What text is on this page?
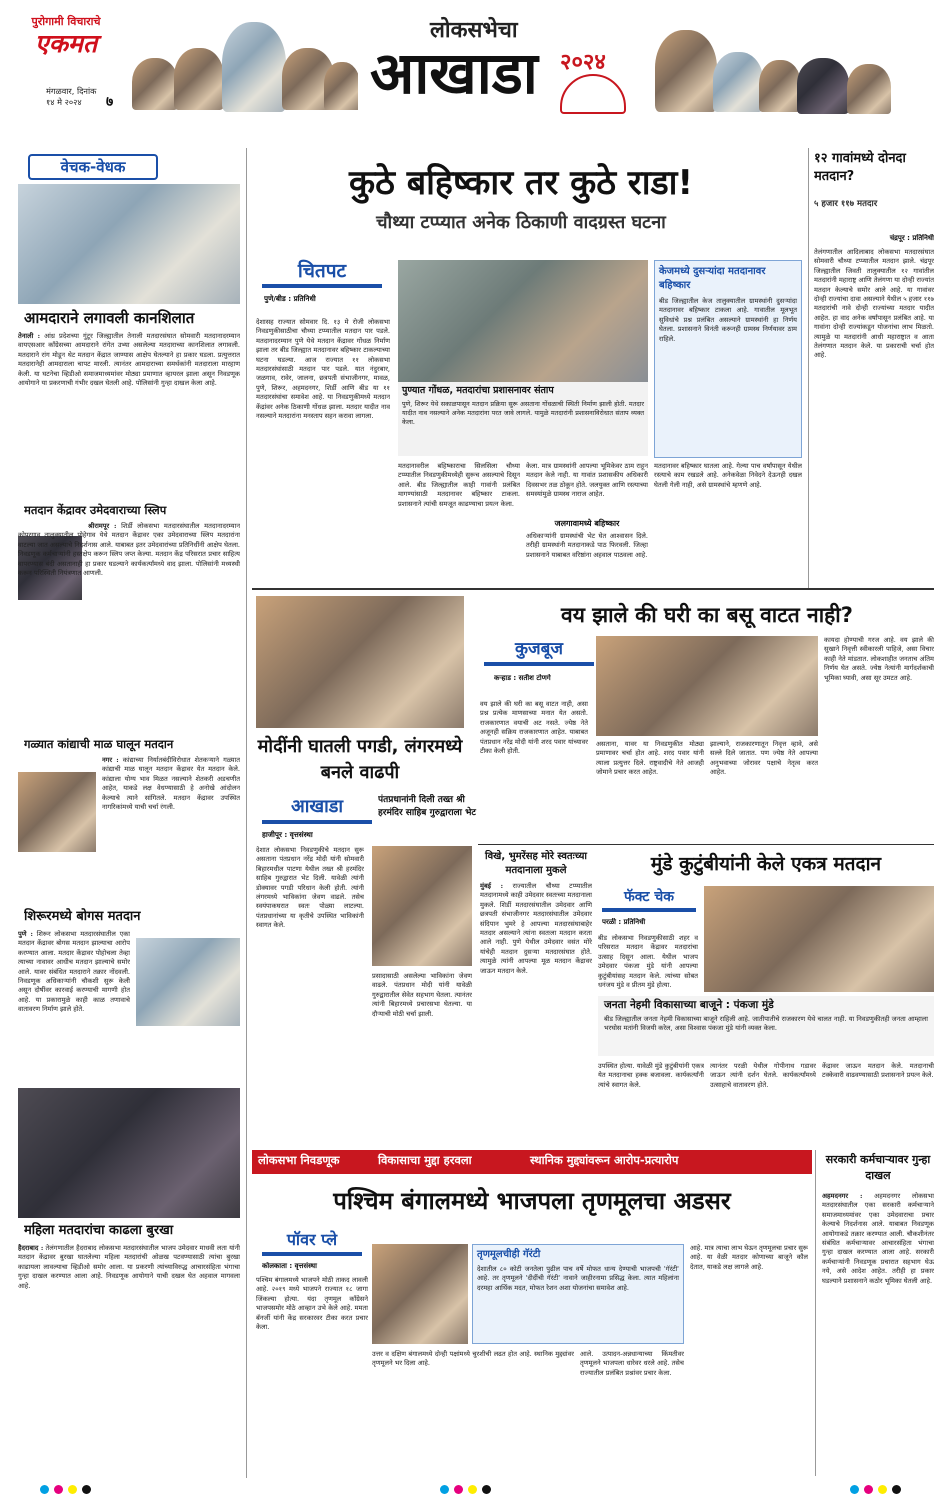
पुरोगामी विचाराचे
एकमत
मंगळवार, दिनांक १४ मे २०२४	७
लोकसभेचा
आखाडा २०२४
वेचक-वेधक
आमदाराने लगावली कानशिलात
तेनाली : आंध्र प्रदेशच्या गुंटूर जिल्ह्यातील तेनाली मतदारसंघात सोमवारी मतदानादरम्यान वायएसआर काँग्रेसच्या आमदाराने रांगेत उभ्या असलेल्या मतदाराच्या कानशिलात लगावली. मतदाराने रांग मोडून थेट मतदान केंद्रात जाण्यास आक्षेप घेतल्याने हा प्रकार घडला. प्रत्युत्तरात मतदारानेही आमदाराला चापट मारली. त्यानंतर आमदाराच्या समर्थकांनी मतदाराला मारहाण केली. या घटनेचा व्हिडीओ समाजमाध्यमांवर मोठ्या प्रमाणात व्हायरल झाला असून निवडणूक आयोगाने या प्रकरणाची गंभीर दखल घेतली आहे. पोलिसांनी गुन्हा दाखल केला आहे.
मतदान केंद्रावर उमेदवाराच्या स्लिप
श्रीरामपूर : शिर्डी लोकसभा मतदारसंघातील मतदानादरम्यान कोपरगाव तालुक्यातील पोहेगाव येथे मतदान केंद्रावर एका उमेदवाराच्या स्लिप मतदारांना वाटल्या जात असल्याचे निदर्शनास आले. याबाबत इतर उमेदवारांच्या प्रतिनिधींनी आक्षेप घेतला. निवडणूक कर्मचाऱ्यांनी हस्तक्षेप करून स्लिप जप्त केल्या. मतदान केंद्र परिसरात प्रचार साहित्य वापरण्यास बंदी असतानाही हा प्रकार घडल्याने कार्यकर्त्यांमध्ये वाद झाला. पोलिसांनी मध्यस्थी करून परिस्थिती नियंत्रणात आणली.
गळ्यात कांद्याची माळ घालून मतदान
नगर : कांद्याच्या निर्यातबंदीविरोधात शेतकऱ्याने गळ्यात कांद्याची माळ घालून मतदान केंद्रावर येत मतदान केले. कांद्याला योग्य भाव मिळत नसल्याने शेतकरी अडचणीत आहेत, याकडे लक्ष वेधण्यासाठी हे अनोखे आंदोलन केल्याचे त्याने सांगितले. मतदान केंद्रावर उपस्थित नागरिकांमध्ये याची चर्चा रंगली.
शिरूरमध्ये बोगस मतदान
पुणे : शिरूर लोकसभा मतदारसंघातील एका मतदान केंद्रावर बोगस मतदान झाल्याचा आरोप करण्यात आला. मतदार केंद्रावर पोहोचला तेव्हा त्याच्या नावावर आधीच मतदान झाल्याचे समोर आले. यावर संबंधित मतदाराने तक्रार नोंदवली. निवडणूक अधिकाऱ्यांनी चौकशी सुरू केली असून दोषींवर कारवाई करण्याची मागणी होत आहे. या प्रकारामुळे काही काळ तणावाचे वातावरण निर्माण झाले होते.
महिला मतदारांचा काढला बुरखा
हैदराबाद : तेलंगणातील हैदराबाद लोकसभा मतदारसंघातील भाजप उमेदवार माधवी लता यांनी मतदान केंद्रावर बुरखा घातलेल्या महिला मतदारांची ओळख पटवण्यासाठी त्यांचा बुरखा काढायला लावल्याचा व्हिडीओ समोर आला. या प्रकरणी त्यांच्याविरुद्ध आचारसंहिता भंगाचा गुन्हा दाखल करण्यात आला आहे. निवडणूक आयोगाने याची दखल घेत अहवाल मागवला आहे.
कुठे बहिष्कार तर कुठे राडा!
चौथ्या टप्प्यात अनेक ठिकाणी वादग्रस्त घटना
चितपट
पुणे/बीड : प्रतिनिधी
देशासह राज्यात सोमवार दि. १३ मे रोजी लोकसभा निवडणुकीसाठीचा चौथ्या टप्प्यातील मतदान पार पडले. मतदानादरम्यान पुणे येथे मतदान केंद्रावर गोंधळ निर्माण झाला तर बीड जिल्ह्यात मतदानावर बहिष्कार टाकल्याच्या घटना घडल्या. आज राज्यात ११ लोकसभा मतदारसंघांसाठी मतदान पार पडले. यात नंदुरबार, जळगाव, रावेर, जालना, छत्रपती संभाजीनगर, मावळ, पुणे, शिरूर, अहमदनगर, शिर्डी आणि बीड या ११ मतदारसंघांचा समावेश आहे. या निवडणुकीमध्ये मतदान केंद्रांवर अनेक ठिकाणी गोंधळ झाला. मतदार यादीत नाव नसल्याने मतदारांना मनस्ताप सहन करावा लागला.
पुण्यात गोंधळ, मतदारांचा प्रशासनावर संताप
पुणे, शिरूर येथे सकाळपासून मतदान प्रक्रिया सुरू असताना गोंधळाची स्थिती निर्माण झाली होती. मतदार यादीत नाव नसल्याने अनेक मतदारांना परत जावे लागले. यामुळे मतदारांनी प्रशासनाविरोधात संताप व्यक्त केला.
केजमध्ये दुसऱ्यांदा मतदानावर बहिष्कार
बीड जिल्ह्यातील केज तालुक्यातील ग्रामस्थांनी दुसऱ्यांदा मतदानावर बहिष्कार टाकला आहे. गावातील मूलभूत सुविधांचे प्रश्न प्रलंबित असल्याने ग्रामस्थांनी हा निर्णय घेतला. प्रशासनाने विनंती करूनही ग्रामस्थ निर्णयावर ठाम राहिले.
मतदानावरील बहिष्काराचा सिलसिला चौथ्या टप्प्यातील निवडणुकीमध्येही सुरूच असल्याचे दिसून आले. बीड जिल्ह्यातील काही गावांनी प्रलंबित मागण्यांसाठी मतदानावर बहिष्कार टाकला. प्रशासनाने त्यांची समजूत काढण्याचा प्रयत्न केला.
केला. मात्र ग्रामस्थांनी आपल्या भूमिकेवर ठाम राहून मतदान केले नाही. या गावांत प्रशासकीय अधिकारी दिवसभर तळ ठोकून होते. जलयुक्त आणि रस्त्याच्या समस्यांमुळे ग्रामस्थ नाराज आहेत.
जलगावामध्ये बहिष्कार
अधिकाऱ्यांनी ग्रामस्थांची भेट घेत आश्वासन दिले. तरीही ग्रामस्थांनी मतदानाकडे पाठ फिरवली. जिल्हा प्रशासनाने याबाबत वरिष्ठांना अहवाल पाठवला आहे.
मतदानावर बहिष्कार घातला आहे. गेल्या पाच वर्षांपासून येथील रस्त्याचे काम रखडले आहे. अनेकवेळा निवेदने देऊनही दखल घेतली गेली नाही, असे ग्रामस्थांचे म्हणणे आहे.
१२ गावांमध्ये दोनदा मतदान?
५ हजार ११७ मतदार
चंद्रपूर : प्रतिनिधी
तेलंगणातील आदिलाबाद लोकसभा मतदारसंघात सोमवारी चौथ्या टप्प्यातील मतदान झाले. चंद्रपूर जिल्ह्यातील जिवती तालुक्यातील १२ गावांतील मतदारांनी महाराष्ट्र आणि तेलंगणा या दोन्ही राज्यांत मतदान केल्याचे समोर आले आहे. या गावांवर दोन्ही राज्यांचा दावा असल्याने येथील ५ हजार ११७ मतदारांची नावे दोन्ही राज्यांच्या मतदार यादीत आहेत. हा वाद अनेक वर्षांपासून प्रलंबित आहे. या गावांना दोन्ही राज्यांकडून योजनांचा लाभ मिळतो. त्यामुळे या मतदारांनी आधी महाराष्ट्रात व आता तेलंगणात मतदान केले. या प्रकाराची चर्चा होत आहे.
मोदींनी घातली पगडी, लंगरमध्ये बनले वाढपी
आखाडा	पंतप्रधानांनी दिली तख्त श्री हरमंदिर साहिब गुरुद्वाराला भेट
हाजीपूर : वृत्तसंस्था
देशात लोकसभा निवडणुकीचे मतदान सुरू असताना पंतप्रधान नरेंद्र मोदी यांनी सोमवारी बिहारमधील पाटणा येथील तख्त श्री हरमंदिर साहिब गुरुद्वारात भेट दिली. यावेळी त्यांनी डोक्यावर पगडी परिधान केली होती. त्यांनी लंगरमध्ये भाविकांना जेवण वाढले. तसेच स्वयंपाकघरात स्वतः पोळ्या लाटल्या. पंतप्रधानांच्या या कृतीचे उपस्थित भाविकांनी स्वागत केले.
प्रसादासाठी असलेल्या भाविकांना जेवण वाढले. पंतप्रधान मोदी यांनी यावेळी गुरुद्वारातील सेवेत सहभाग घेतला. त्यानंतर त्यांनी बिहारमध्ये प्रचारसभा घेतल्या. या दौऱ्याची मोठी चर्चा झाली.
वय झाले की घरी का बसू वाटत नाही?
कुजबूज
कऱ्हाड : सतीश टोणगे
वय झाले की घरी का बसू वाटत नाही, असा प्रश्न प्रत्येक माणसाच्या मनात येत असतो. राजकारणात वयाची अट नसते. ज्येष्ठ नेते अजूनही सक्रिय राजकारणात आहेत. याबाबत पंतप्रधान नरेंद्र मोदी यांनी शरद पवार यांच्यावर टीका केली होती.
असताना, यावर या निवडणुकीत मोठ्या प्रमाणावर चर्चा होत आहे. शरद पवार यांनी त्याला प्रत्युत्तर दिले. राष्ट्रवादीचे नेते आजही जोमाने प्रचार करत आहेत.
झाल्याने, राजकारणातून निवृत्त व्हावे, असे सल्ले दिले जातात. पण ज्येष्ठ नेते आपल्या अनुभवाच्या जोरावर पक्षाचे नेतृत्व करत आहेत.
कायदा होण्याची गरज आहे. वय झाले की सुखाने निवृत्ती स्वीकारली पाहिजे, असा विचार काही नेते मांडतात. लोकशाहीत जनताच अंतिम निर्णय घेत असते. ज्येष्ठ नेत्यांनी मार्गदर्शकाची भूमिका घ्यावी, असा सूर उमटत आहे.
विखे, भुमरेंसह मोरे स्वतःच्या मतदानाला मुकले
मुंबई : राज्यातील चौथ्या टप्प्यातील मतदानामध्ये काही उमेदवार स्वतःच्या मतदानाला मुकले. शिर्डी मतदारसंघातील उमेदवार आणि छत्रपती संभाजीनगर मतदारसंघातील उमेदवार संदिपान भुमरे हे आपल्या मतदारसंघाबाहेर मतदार असल्याने त्यांना स्वतःला मतदान करता आले नाही. पुणे येथील उमेदवार वसंत मोरे यांचेही मतदान दुसऱ्या मतदारसंघात होते. त्यामुळे त्यांनी आपल्या मूळ मतदान केंद्रावर जाऊन मतदान केले.
मुंडे कुटुंबीयांनी केले एकत्र मतदान
फॅक्ट चेक
परळी : प्रतिनिधी
बीड लोकसभा निवडणुकीसाठी शहर व परिसरात मतदान केंद्रावर मतदारांचा उत्साह दिसून आला. येथील भाजप उमेदवार पंकजा मुंडे यांनी आपल्या कुटुंबीयांसह मतदान केले. त्यांच्या सोबत धनंजय मुंडे व प्रीतम मुंडे होत्या.
जनता नेहमी विकासाच्या बाजूने : पंकजा मुंडे
बीड जिल्ह्यातील जनता नेहमी विकासाच्या बाजूने राहिली आहे. जातीपातीचे राजकारण येथे चालत नाही. या निवडणुकीतही जनता आम्हाला भरघोस मतांनी विजयी करेल, असा विश्वास पंकजा मुंडे यांनी व्यक्त केला.
उपस्थित होत्या. यावेळी मुंडे कुटुंबीयांनी एकत्र येत मतदानाचा हक्क बजावला. कार्यकर्त्यांनी त्यांचे स्वागत केले.
त्यानंतर परळी येथील गोपीनाथ गडावर जाऊन त्यांनी दर्शन घेतले. कार्यकर्त्यांमध्ये उत्साहाचे वातावरण होते.
केंद्रावर जाऊन मतदान केले. मतदानाची टक्केवारी वाढवण्यासाठी प्रशासनाने प्रयत्न केले.
लोकसभा निवडणूक	विकासाचा मुद्दा हरवला	स्थानिक मुद्द्यांवरून आरोप-प्रत्यारोप
पश्चिम बंगालमध्ये भाजपला तृणमूलचा अडसर
पॉवर प्ले
कोलकाता : वृत्तसंस्था
पश्चिम बंगालमध्ये भाजपने मोठी ताकद लावली आहे. २०१९ मध्ये भाजपने राज्यात १८ जागा जिंकल्या होत्या. यंदा तृणमूल काँग्रेसने भाजपसमोर मोठे आव्हान उभे केले आहे. ममता बॅनर्जी यांनी केंद्र सरकारवर टीका करत प्रचार केला.
तृणमूलचीही गॅरंटी
देशातील ८० कोटी जनतेला पुढील पाच वर्षे मोफत धान्य देण्याची भाजपची 'गॅरंटी' आहे. तर तृणमूलने 'दीदींची गॅरंटी' नावाने जाहीरनामा प्रसिद्ध केला. त्यात महिलांना दरमहा आर्थिक मदत, मोफत रेशन अशा योजनांचा समावेश आहे.
उत्तर व दक्षिण बंगालमध्ये दोन्ही पक्षांमध्ये चुरशीची लढत होत आहे. स्थानिक मुद्द्यांवर तृणमूलने भर दिला आहे.
आले. उत्पादन-अन्नधान्याच्या किंमतीवर तृणमूलने भाजपला धारेवर धरले आहे. तसेच राज्यातील प्रलंबित प्रश्नांवर प्रचार केला.
आहे. मात्र त्याचा लाभ घेऊन तृणमूलचा प्रचार सुरू आहे. या वेळी मतदार कोणाच्या बाजूने कौल देतात, याकडे लक्ष लागले आहे.
सरकारी कर्मचाऱ्यावर गुन्हा दाखल
अहमदनगर : अहमदनगर लोकसभा मतदारसंघातील एका सरकारी कर्मचाऱ्याने समाजमाध्यमांवर एका उमेदवाराचा प्रचार केल्याचे निदर्शनास आले. याबाबत निवडणूक आयोगाकडे तक्रार करण्यात आली. चौकशीनंतर संबंधित कर्मचाऱ्यावर आचारसंहिता भंगाचा गुन्हा दाखल करण्यात आला आहे. सरकारी कर्मचाऱ्यांनी निवडणूक प्रचारात सहभाग घेऊ नये, असे आदेश आहेत. तरीही हा प्रकार घडल्याने प्रशासनाने कठोर भूमिका घेतली आहे.
